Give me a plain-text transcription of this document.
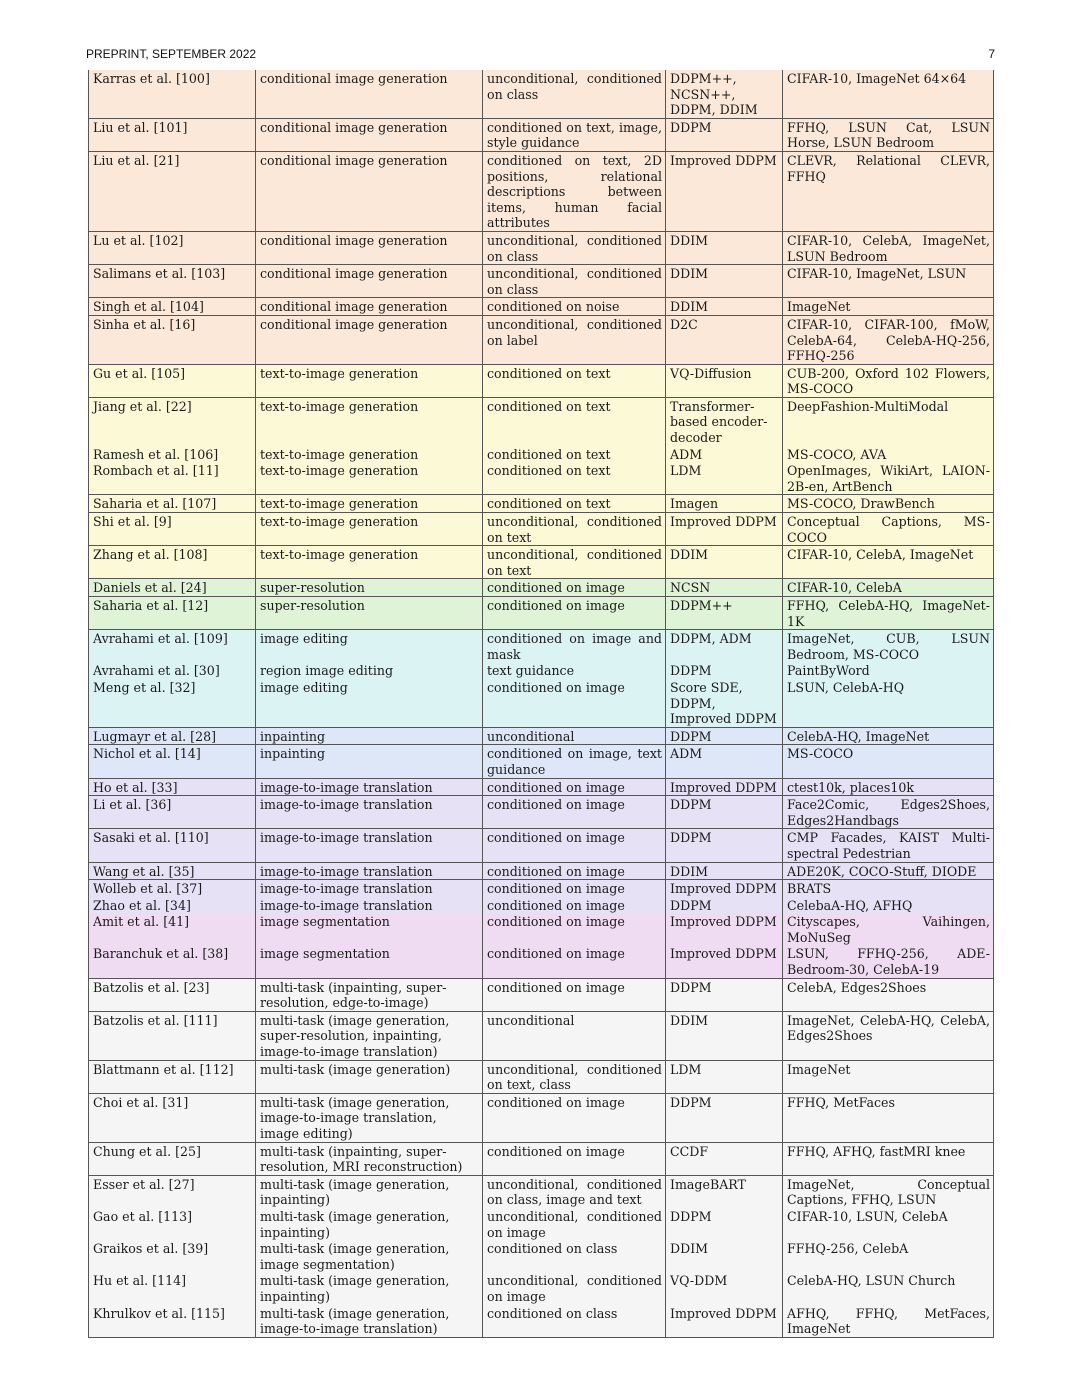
PREPRINT, SEPTEMBER 2022	7
Karras et al. [100]	conditional image generation	unconditional, conditioned on class	DDPM++, NCSN++, DDPM, DDIM	CIFAR-10, ImageNet 64×64
Liu et al. [101]	conditional image generation	conditioned on text, image, style guidance	DDPM	FFHQ, LSUN Cat, LSUN Horse, LSUN Bedroom
Liu et al. [21]	conditional image generation	conditioned on text, 2D positions, relational descriptions between items, human facial attributes	Improved DDPM	CLEVR, Relational CLEVR, FFHQ
Lu et al. [102]	conditional image generation	unconditional, conditioned on class	DDIM	CIFAR-10, CelebA, ImageNet, LSUN Bedroom
Salimans et al. [103]	conditional image generation	unconditional, conditioned on class	DDIM	CIFAR-10, ImageNet, LSUN
Singh et al. [104]	conditional image generation	conditioned on noise	DDIM	ImageNet
Sinha et al. [16]	conditional image generation	unconditional, conditioned on label	D2C	CIFAR-10, CIFAR-100, fMoW, CelebA-64, CelebA-HQ-256, FFHQ-256
Gu et al. [105]	text-to-image generation	conditioned on text	VQ-Diffusion	CUB-200, Oxford 102 Flowers, MS-COCO
Jiang et al. [22]	text-to-image generation	conditioned on text	Transformer-based encoder-decoder	DeepFashion-MultiModal
Ramesh et al. [106]	text-to-image generation	conditioned on text	ADM	MS-COCO, AVA
Rombach et al. [11]	text-to-image generation	conditioned on text	LDM	OpenImages, WikiArt, LAION-2B-en, ArtBench
Saharia et al. [107]	text-to-image generation	conditioned on text	Imagen	MS-COCO, DrawBench
Shi et al. [9]	text-to-image generation	unconditional, conditioned on text	Improved DDPM	Conceptual Captions, MS-COCO
Zhang et al. [108]	text-to-image generation	unconditional, conditioned on text	DDIM	CIFAR-10, CelebA, ImageNet
Daniels et al. [24]	super-resolution	conditioned on image	NCSN	CIFAR-10, CelebA
Saharia et al. [12]	super-resolution	conditioned on image	DDPM++	FFHQ, CelebA-HQ, ImageNet-1K
Avrahami et al. [109]	image editing	conditioned on image and mask	DDPM, ADM	ImageNet, CUB, LSUN Bedroom, MS-COCO
Avrahami et al. [30]	region image editing	text guidance	DDPM	PaintByWord
Meng et al. [32]	image editing	conditioned on image	Score SDE, DDPM, Improved DDPM	LSUN, CelebA-HQ
Lugmayr et al. [28]	inpainting	unconditional	DDPM	CelebA-HQ, ImageNet
Nichol et al. [14]	inpainting	conditioned on image, text guidance	ADM	MS-COCO
Ho et al. [33]	image-to-image translation	conditioned on image	Improved DDPM	ctest10k, places10k
Li et al. [36]	image-to-image translation	conditioned on image	DDPM	Face2Comic, Edges2Shoes, Edges2Handbags
Sasaki et al. [110]	image-to-image translation	conditioned on image	DDPM	CMP Facades, KAIST Multi-spectral Pedestrian
Wang et al. [35]	image-to-image translation	conditioned on image	DDIM	ADE20K, COCO-Stuff, DIODE
Wolleb et al. [37]	image-to-image translation	conditioned on image	Improved DDPM	BRATS
Zhao et al. [34]	image-to-image translation	conditioned on image	DDPM	CelebaA-HQ, AFHQ
Amit et al. [41]	image segmentation	conditioned on image	Improved DDPM	Cityscapes, Vaihingen, MoNuSeg
Baranchuk et al. [38]	image segmentation	conditioned on image	Improved DDPM	LSUN, FFHQ-256, ADE-Bedroom-30, CelebA-19
Batzolis et al. [23]	multi-task (inpainting, super-resolution, edge-to-image)	conditioned on image	DDPM	CelebA, Edges2Shoes
Batzolis et al. [111]	multi-task (image generation, super-resolution, inpainting, image-to-image translation)	unconditional	DDIM	ImageNet, CelebA-HQ, CelebA, Edges2Shoes
Blattmann et al. [112]	multi-task (image generation)	unconditional, conditioned on text, class	LDM	ImageNet
Choi et al. [31]	multi-task (image generation, image-to-image translation, image editing)	conditioned on image	DDPM	FFHQ, MetFaces
Chung et al. [25]	multi-task (inpainting, super-resolution, MRI reconstruction)	conditioned on image	CCDF	FFHQ, AFHQ, fastMRI knee
Esser et al. [27]	multi-task (image generation, inpainting)	unconditional, conditioned on class, image and text	ImageBART	ImageNet, Conceptual Captions, FFHQ, LSUN
Gao et al. [113]	multi-task (image generation, inpainting)	unconditional, conditioned on image	DDPM	CIFAR-10, LSUN, CelebA
Graikos et al. [39]	multi-task (image generation, image segmentation)	conditioned on class	DDIM	FFHQ-256, CelebA
Hu et al. [114]	multi-task (image generation, inpainting)	unconditional, conditioned on image	VQ-DDM	CelebA-HQ, LSUN Church
Khrulkov et al. [115]	multi-task (image generation, image-to-image translation)	conditioned on class	Improved DDPM	AFHQ, FFHQ, MetFaces, ImageNet
